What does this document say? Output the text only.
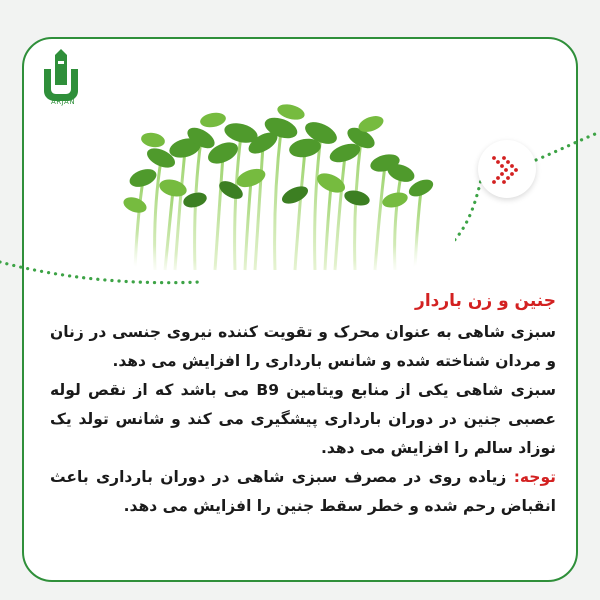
ARJAN

جنین و زن باردار

سبزی شاهی به عنوان محرک و تقویت کننده نیروی جنسی در زنان و مردان شناخته شده و شانس بارداری را افزایش می دهد.

سبزی شاهی یکی از منابع ویتامین B9 می باشد که از نقص لوله عصبی جنین در دوران بارداری پیشگیری می کند و شانس تولد یک نوزاد سالم را افزایش می دهد.

توجه: زیاده روی در مصرف سبزی شاهی در دوران بارداری باعث انقباض رحم شده و خطر سقط جنین را افزایش می دهد.
